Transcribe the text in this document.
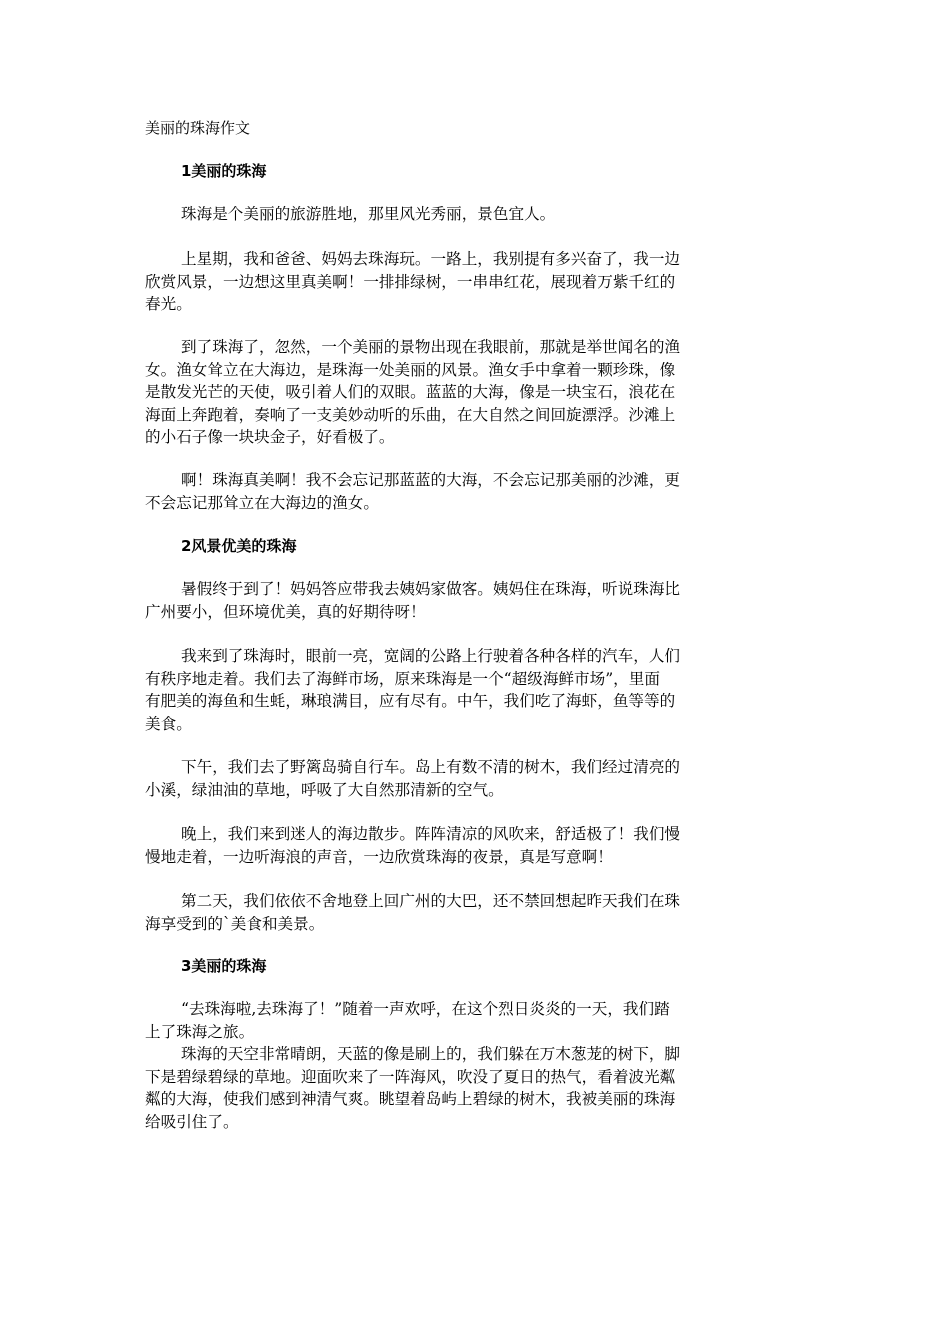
美丽的珠海作文
1美丽的珠海
珠海是个美丽的旅游胜地，那里风光秀丽，景色宜人。
上星期，我和爸爸、妈妈去珠海玩。一路上，我别提有多兴奋了，我一边
欣赏风景，一边想这里真美啊！一排排绿树，一串串红花，展现着万紫千红的
春光。
到了珠海了，忽然，一个美丽的景物出现在我眼前，那就是举世闻名的渔
女。渔女耸立在大海边，是珠海一处美丽的风景。渔女手中拿着一颗珍珠，像
是散发光芒的天使，吸引着人们的双眼。蓝蓝的大海，像是一块宝石，浪花在
海面上奔跑着，奏响了一支美妙动听的乐曲，在大自然之间回旋漂浮。沙滩上
的小石子像一块块金子，好看极了。
啊！珠海真美啊！我不会忘记那蓝蓝的大海，不会忘记那美丽的沙滩，更
不会忘记那耸立在大海边的渔女。
2风景优美的珠海
暑假终于到了！妈妈答应带我去姨妈家做客。姨妈住在珠海，听说珠海比
广州要小，但环境优美，真的好期待呀！
我来到了珠海时，眼前一亮，宽阔的公路上行驶着各种各样的汽车，人们
有秩序地走着。我们去了海鲜市场，原来珠海是一个“超级海鲜市场”，里面
有肥美的海鱼和生蚝，琳琅满目，应有尽有。中午，我们吃了海虾，鱼等等的
美食。
下午，我们去了野篱岛骑自行车。岛上有数不清的树木，我们经过清亮的
小溪，绿油油的草地，呼吸了大自然那清新的空气。
晚上，我们来到迷人的海边散步。阵阵清凉的风吹来，舒适极了！我们慢
慢地走着，一边听海浪的声音，一边欣赏珠海的夜景，真是写意啊！
第二天，我们依依不舍地登上回广州的大巴，还不禁回想起昨天我们在珠
海享受到的`美食和美景。
3美丽的珠海
“去珠海啦,去珠海了！”随着一声欢呼，在这个烈日炎炎的一天，我们踏
上了珠海之旅。
珠海的天空非常晴朗，天蓝的像是刷上的，我们躲在万木葱茏的树下，脚
下是碧绿碧绿的草地。迎面吹来了一阵海风，吹没了夏日的热气，看着波光粼
粼的大海，使我们感到神清气爽。眺望着岛屿上碧绿的树木，我被美丽的珠海
给吸引住了。
